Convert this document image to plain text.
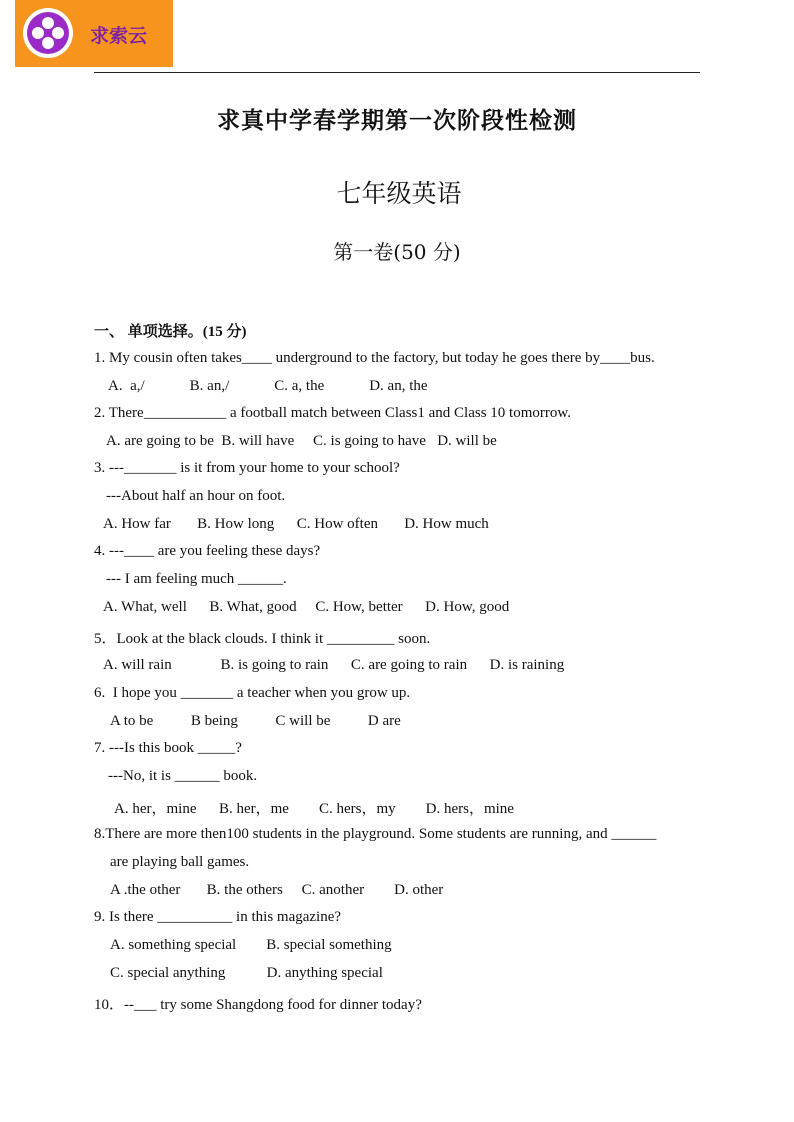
求索云
求真中学春学期第一次阶段性检测
七年级英语
第一卷(50 分)
一、 单项选择。(15 分)
1. My cousin often takes____ underground to the factory, but today he goes there by____bus.
A.  a,/            B. an,/            C. a, the            D. an, the
2. There___________ a football match between Class1 and Class 10 tomorrow.
A. are going to be  B. will have     C. is going to have   D. will be
3. ---_______ is it from your home to your school?
---About half an hour on foot.
A. How far       B. How long      C. How often       D. How much
4. ---____ are you feeling these days?
--- I am feeling much ______.
A. What, well      B. What, good     C. How, better      D. How, good
5．Look at the black clouds. I think it _________ soon.
A. will rain             B. is going to rain      C. are going to rain      D. is raining
6.  I hope you _______ a teacher when you grow up.
A to be          B being          C will be          D are
7. ---Is this book _____?
---No, it is ______ book.
A. her，mine      B. her，me        C. hers，my        D. hers，mine
8.There are more then100 students in the playground. Some students are running, and ______
are playing ball games.
A .the other       B. the others     C. another        D. other
9. Is there __________ in this magazine?
A. something special        B. special something
C. special anything           D. anything special
10．--___ try some Shangdong food for dinner today?
